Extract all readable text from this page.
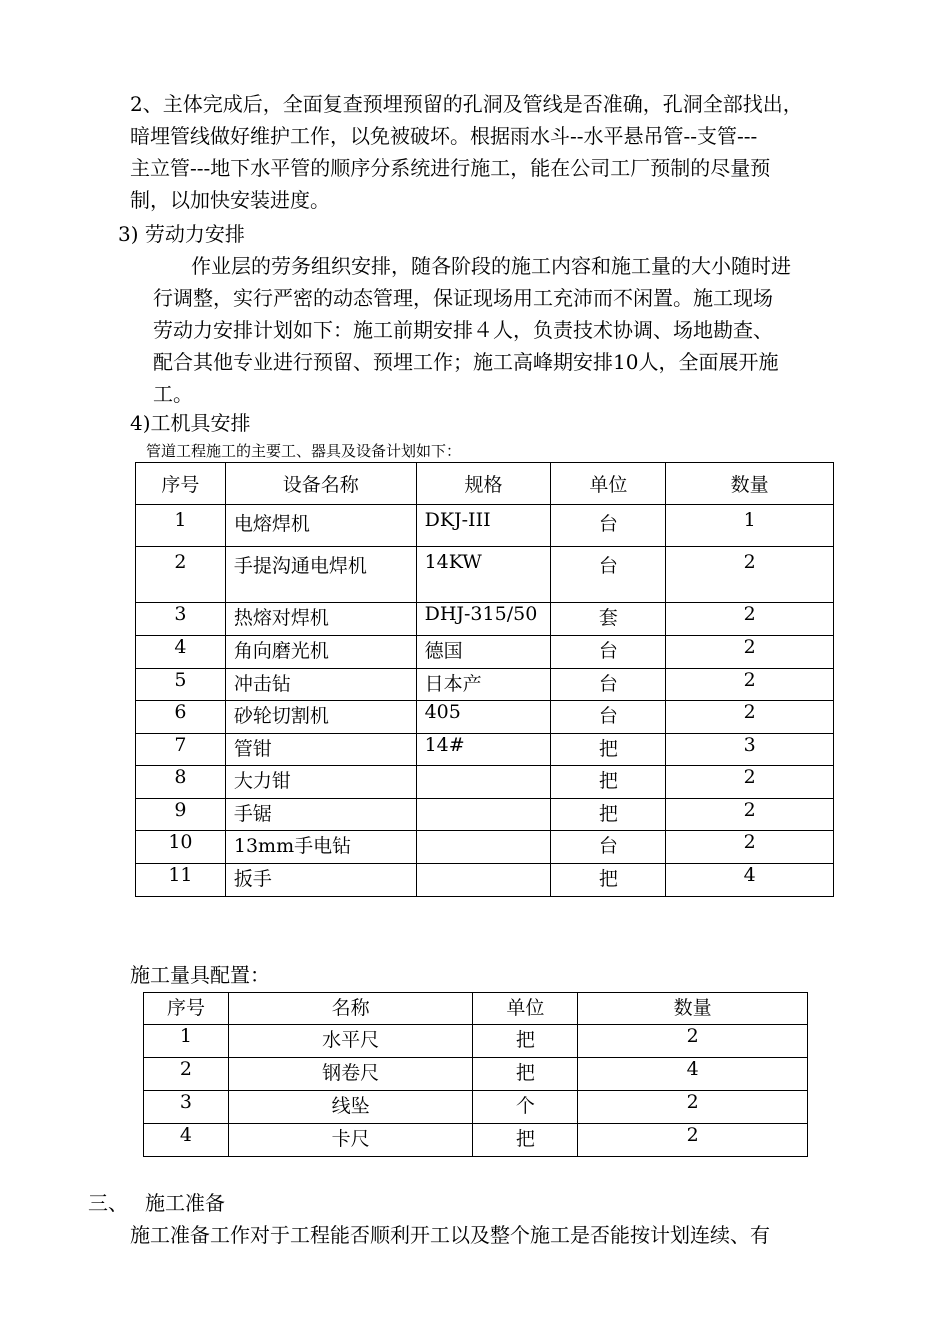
2、主体完成后，全面复查预埋预留的孔洞及管线是否准确，孔洞全部找出，
暗埋管线做好维护工作，以免被破坏。根据雨水斗--水平悬吊管--支管---
主立管---地下水平管的顺序分系统进行施工，能在公司工厂预制的尽量预
制，以加快安装进度。
3) 劳动力安排
作业层的劳务组织安排，随各阶段的施工内容和施工量的大小随时进
行调整，实行严密的动态管理，保证现场用工充沛而不闲置。施工现场
劳动力安排计划如下：施工前期安排４人，负责技术协调、场地勘查、
配合其他专业进行预留、预埋工作；施工高峰期安排10人，全面展开施
工。
4)工机具安排
管道工程施工的主要工、器具及设备计划如下：
序号	设备名称	规格	单位	数量
1	电熔焊机	DKJ-III	台	1
2	手提沟通电焊机	14KW	台	2
3	热熔对焊机	DHJ-315/50	套	2
4	角向磨光机	德国	台	2
5	冲击钻	日本产	台	2
6	砂轮切割机	405	台	2
7	管钳	14#	把	3
8	大力钳		把	2
9	手锯		把	2
10	13mm手电钻		台	2
11	扳手		把	4
施工量具配置：
序号	名称	单位	数量
1	水平尺	把	2
2	钢卷尺	把	4
3	线坠	个	2
4	卡尺	把	2
三、 施工准备
施工准备工作对于工程能否顺利开工以及整个施工是否能按计划连续、有
